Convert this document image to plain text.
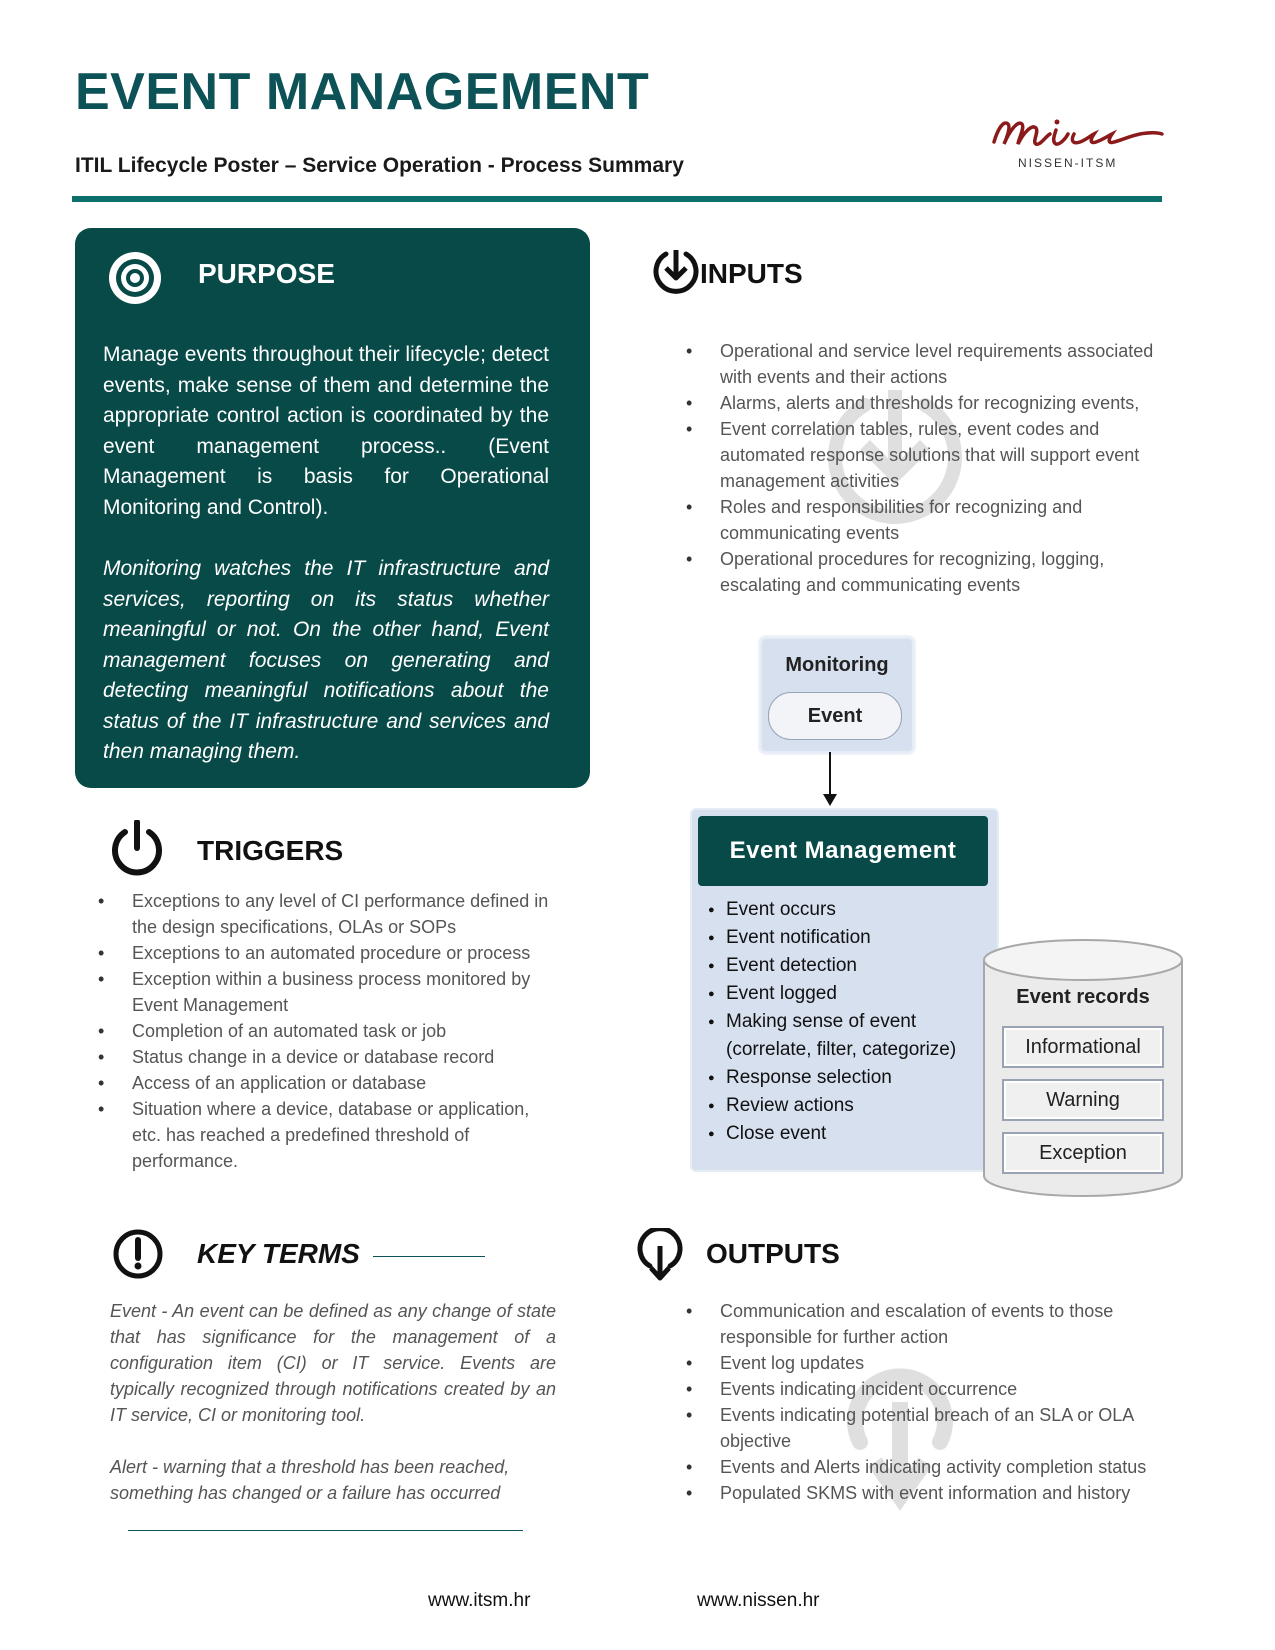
EVENT MANAGEMENT

ITIL Lifecycle Poster – Service Operation - Process Summary	NISSEN-ITSM
PURPOSE

Manage events throughout their lifecycle; detect events, make sense of them and determine the appropriate control action is coordinated by the event management process.. (Event Management is basis for Operational Monitoring and Control).

Monitoring watches the IT infrastructure and services, reporting on its status whether meaningful or not. On the other hand, Event management focuses on generating and detecting meaningful notifications about the status of the IT infrastructure and services and then managing them.

INPUTS
• Operational and service level requirements associated with events and their actions
• Alarms, alerts and thresholds for recognizing events,
• Event correlation tables, rules, event codes and automated response solutions that will support event management activities
• Roles and responsibilities for recognizing and communicating events
• Operational procedures for recognizing, logging, escalating and communicating events
TRIGGERS
• Exceptions to any level of CI performance defined in the design specifications, OLAs or SOPs
• Exceptions to an automated procedure or process
• Exception within a business process monitored by Event Management
• Completion of an automated task or job
• Status change in a device or database record
• Access of an application or database
• Situation where a device, database or application, etc. has reached a predefined threshold of performance.
Monitoring
Event
Event Management
● Event occurs
● Event notification
● Event detection
● Event logged
● Making sense of event (correlate, filter, categorize)
● Response selection
● Review actions
● Close event
Event records
Informational
Warning
Exception
KEY TERMS

Event - An event can be defined as any change of state that has significance for the management of a configuration item (CI) or IT service. Events are typically recognized through notifications created by an IT service, CI or monitoring tool.

Alert - warning that a threshold has been reached, something has changed or a failure has occurred

OUTPUTS
• Communication and escalation of events to those responsible for further action
• Event log updates
• Events indicating incident occurrence
• Events indicating potential breach of an SLA or OLA objective
• Events and Alerts indicating activity completion status
• Populated SKMS with event information and history
www.itsm.hr	www.nissen.hr
